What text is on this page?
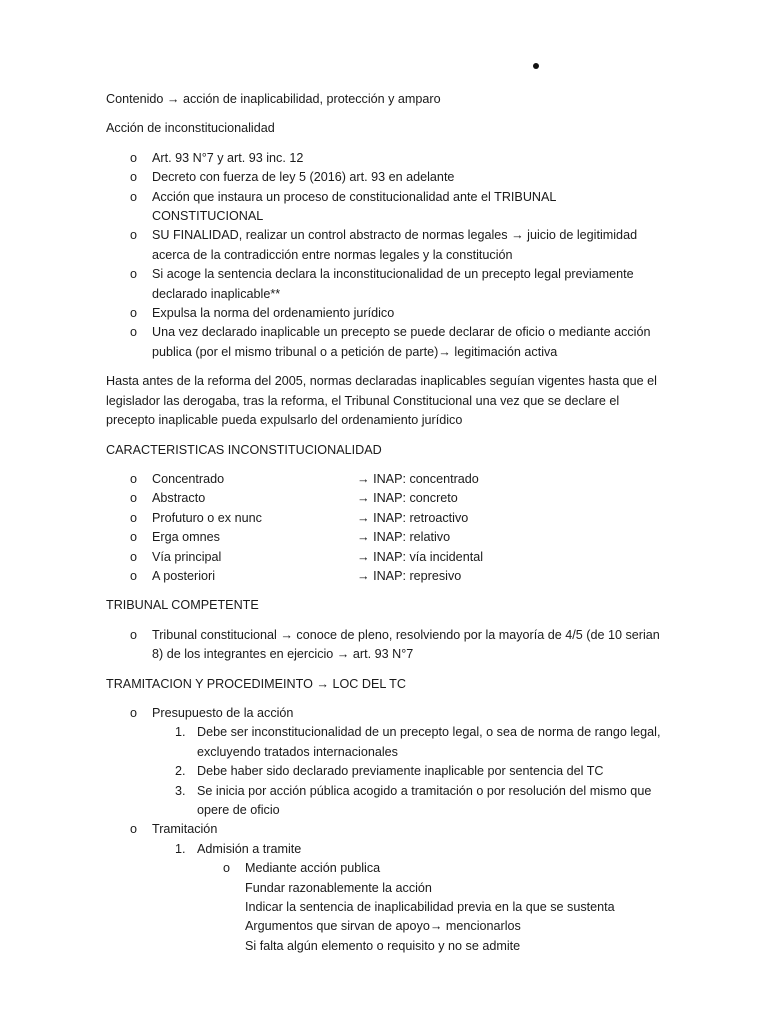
Contenido → acción de inaplicabilidad, protección y amparo

Acción de inconstitucionalidad

o Art. 93 N°7 y art. 93 inc. 12
o Decreto con fuerza de ley 5 (2016) art. 93 en adelante
o Acción que instaura un proceso de constitucionalidad ante el TRIBUNAL CONSTITUCIONAL
o SU FINALIDAD, realizar un control abstracto de normas legales → juicio de legitimidad acerca de la contradicción entre normas legales y la constitución
o Si acoge la sentencia declara la inconstitucionalidad de un precepto legal previamente declarado inaplicable**
o Expulsa la norma del ordenamiento jurídico
o Una vez declarado inaplicable un precepto se puede declarar de oficio o mediante acción publica (por el mismo tribunal o a petición de parte)→ legitimación activa

Hasta antes de la reforma del 2005, normas declaradas inaplicables seguían vigentes hasta que el legislador las derogaba, tras la reforma, el Tribunal Constitucional una vez que se declare el precepto inaplicable pueda expulsarlo del ordenamiento jurídico

CARACTERISTICAS INCONSTITUCIONALIDAD

o Concentrado	→ INAP: concentrado
o Abstracto	→ INAP: concreto
o Profuturo o ex nunc	→ INAP: retroactivo
o Erga omnes	→ INAP: relativo
o Vía principal	→ INAP: vía incidental
o A posteriori	→ INAP: represivo

TRIBUNAL COMPETENTE

o Tribunal constitucional → conoce de pleno, resolviendo por la mayoría de 4/5 (de 10 serian 8) de los integrantes en ejercicio → art. 93 N°7

TRAMITACION Y PROCEDIMEINTO → LOC DEL TC

o Presupuesto de la acción
1. Debe ser inconstitucionalidad de un precepto legal, o sea de norma de rango legal, excluyendo tratados internacionales
2. Debe haber sido declarado previamente inaplicable por sentencia del TC
3. Se inicia por acción pública acogido a tramitación o por resolución del mismo que opere de oficio
o Tramitación
1. Admisión a tramite
o Mediante acción publica
Fundar razonablemente la acción
Indicar la sentencia de inaplicabilidad previa en la que se sustenta
Argumentos que sirvan de apoyo→ mencionarlos
Si falta algún elemento o requisito y no se admite
